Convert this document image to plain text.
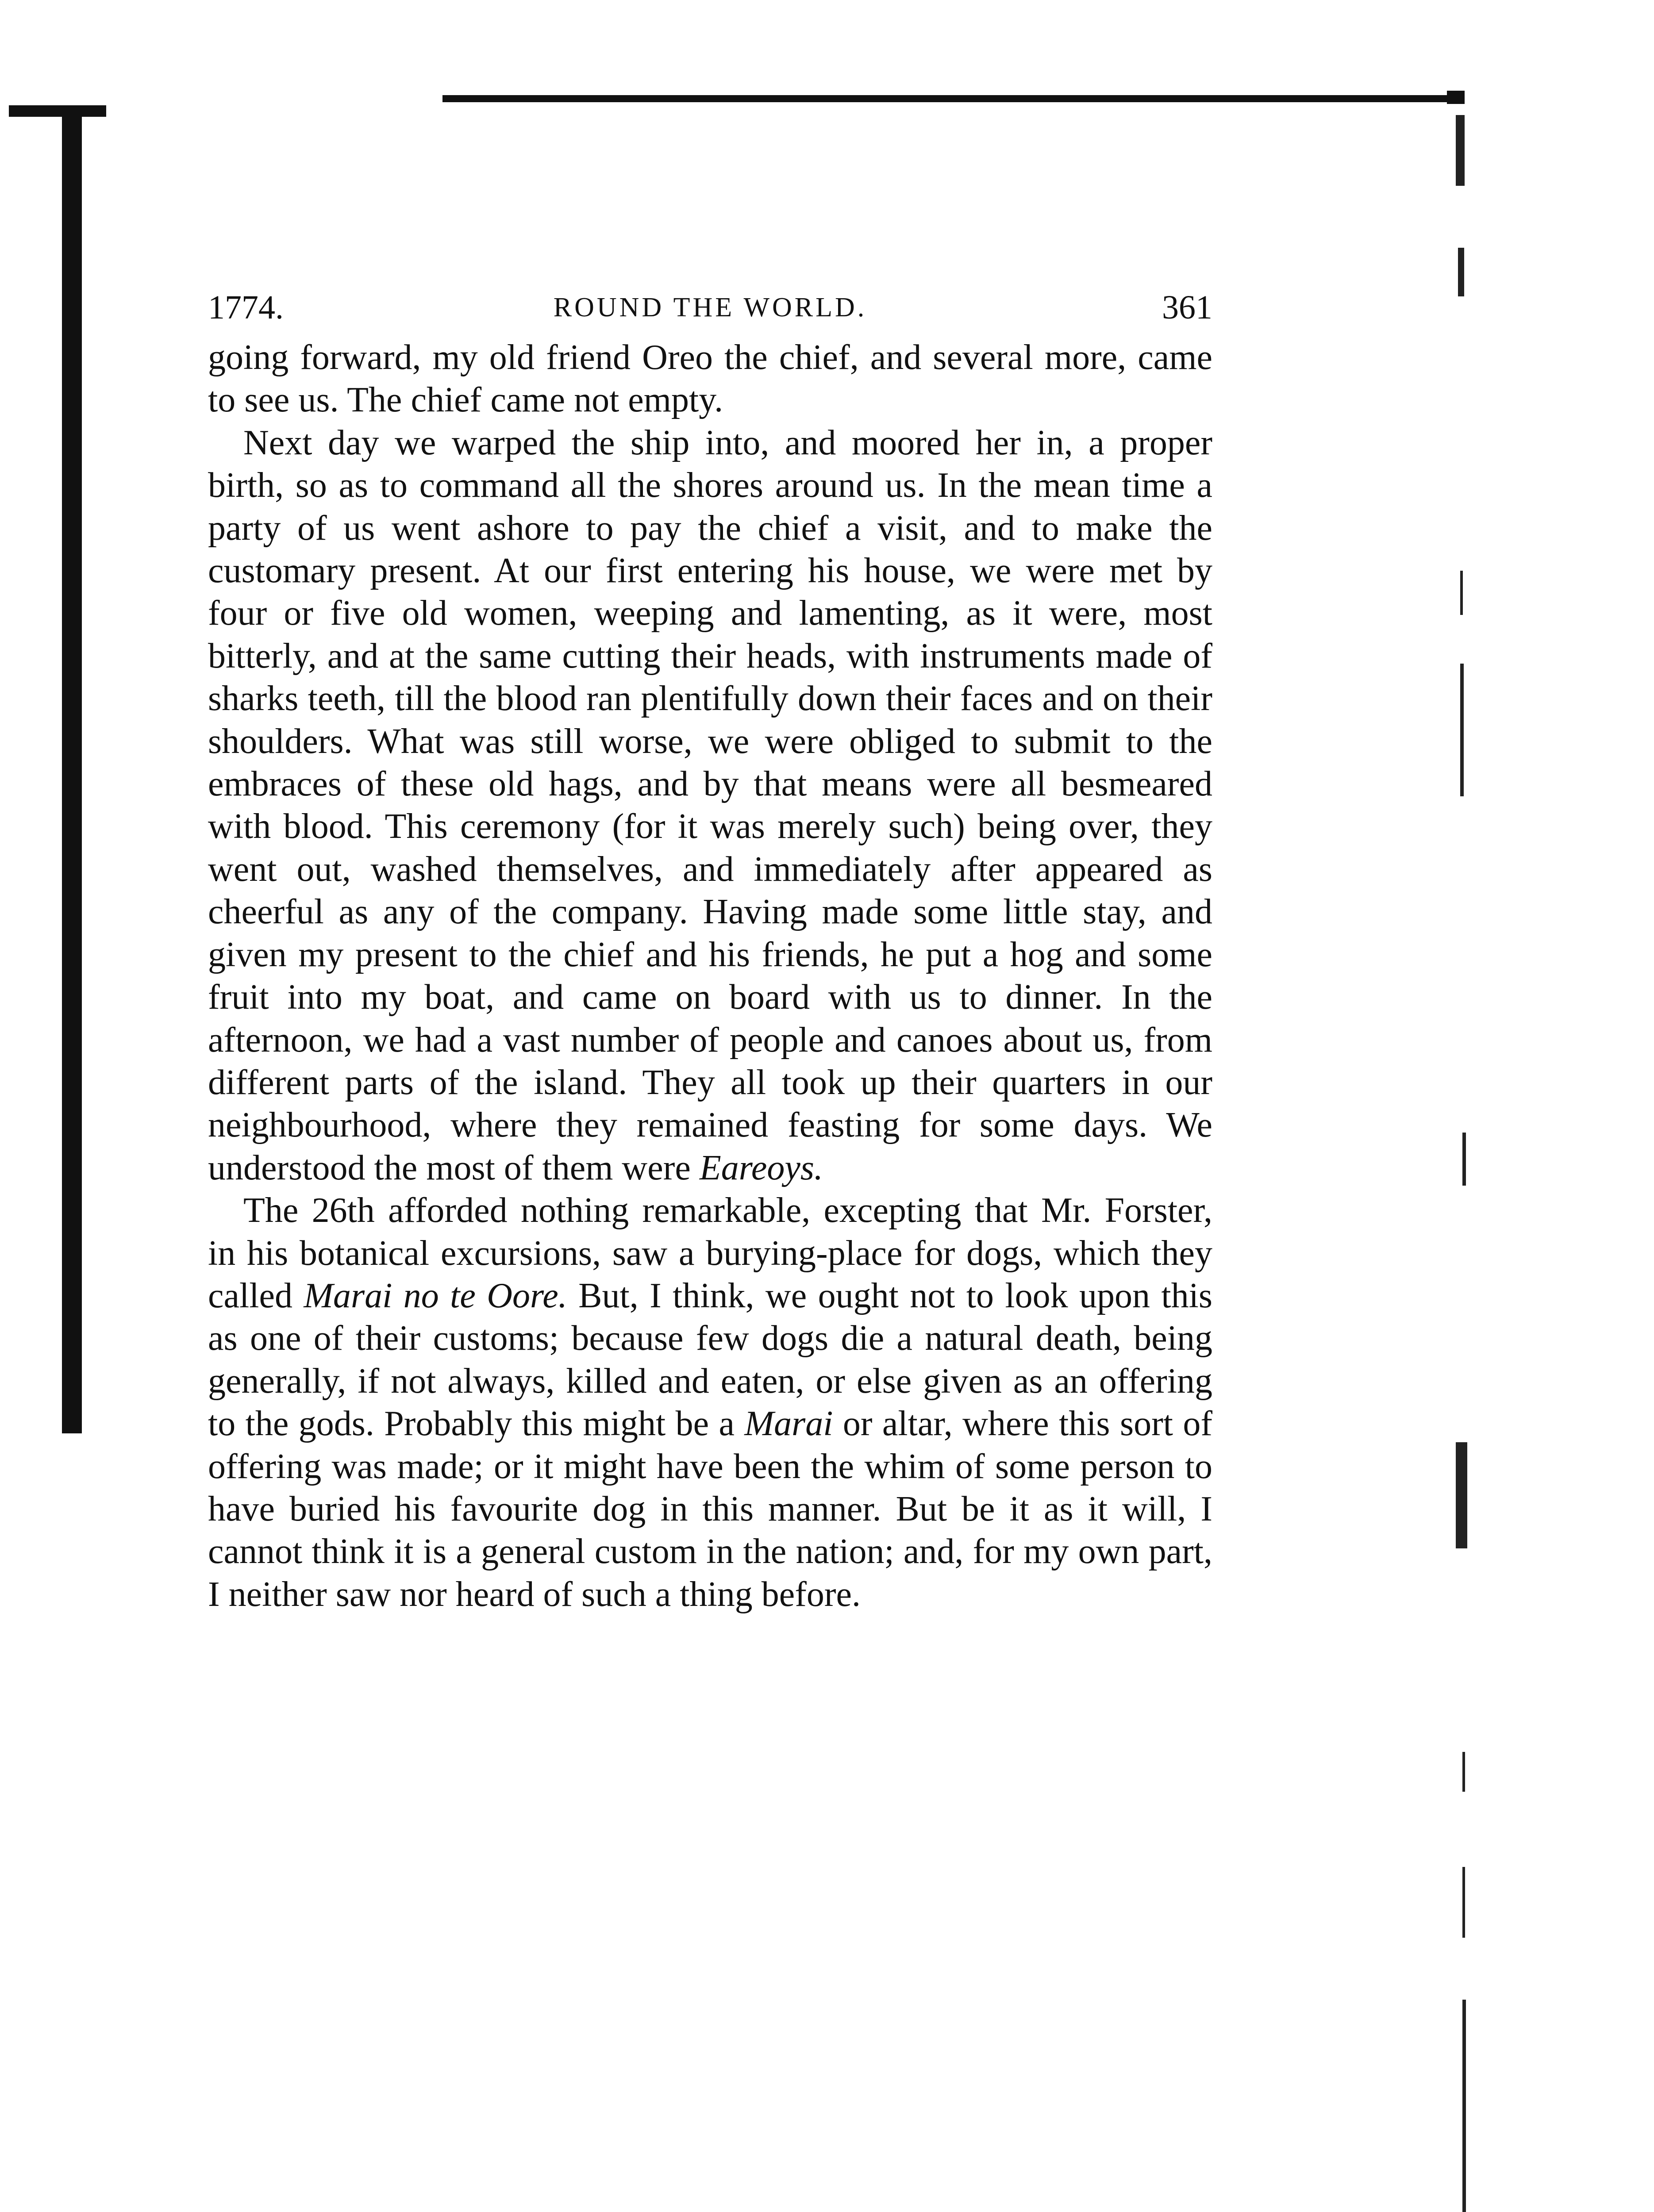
1774.	ROUND THE WORLD.	361

going forward, my old friend Oreo the chief, and several more, came to see us. The chief came not empty.

Next day we warped the ship into, and moored her in, a proper birth, so as to command all the shores around us. In the mean time a party of us went ashore to pay the chief a visit, and to make the customary present. At our first entering his house, we were met by four or five old women, weeping and lamenting, as it were, most bitterly, and at the same cutting their heads, with instruments made of sharks teeth, till the blood ran plentifully down their faces and on their shoulders. What was still worse, we were obliged to submit to the embraces of these old hags, and by that means were all besmeared with blood. This ceremony (for it was merely such) being over, they went out, washed themselves, and immediately after appeared as cheerful as any of the company. Having made some little stay, and given my present to the chief and his friends, he put a hog and some fruit into my boat, and came on board with us to dinner. In the afternoon, we had a vast number of people and canoes about us, from different parts of the island. They all took up their quarters in our neighbourhood, where they remained feasting for some days. We understood the most of them were Eareoys.

The 26th afforded nothing remarkable, excepting that Mr. Forster, in his botanical excursions, saw a burying-place for dogs, which they called Marai no te Oore. But, I think, we ought not to look upon this as one of their customs; because few dogs die a natural death, being generally, if not always, killed and eaten, or else given as an offering to the gods. Probably this might be a Marai or altar, where this sort of offering was made; or it might have been the whim of some person to have buried his favourite dog in this manner. But be it as it will, I cannot think it is a general custom in the nation; and, for my own part, I neither saw nor heard of such a thing before.
